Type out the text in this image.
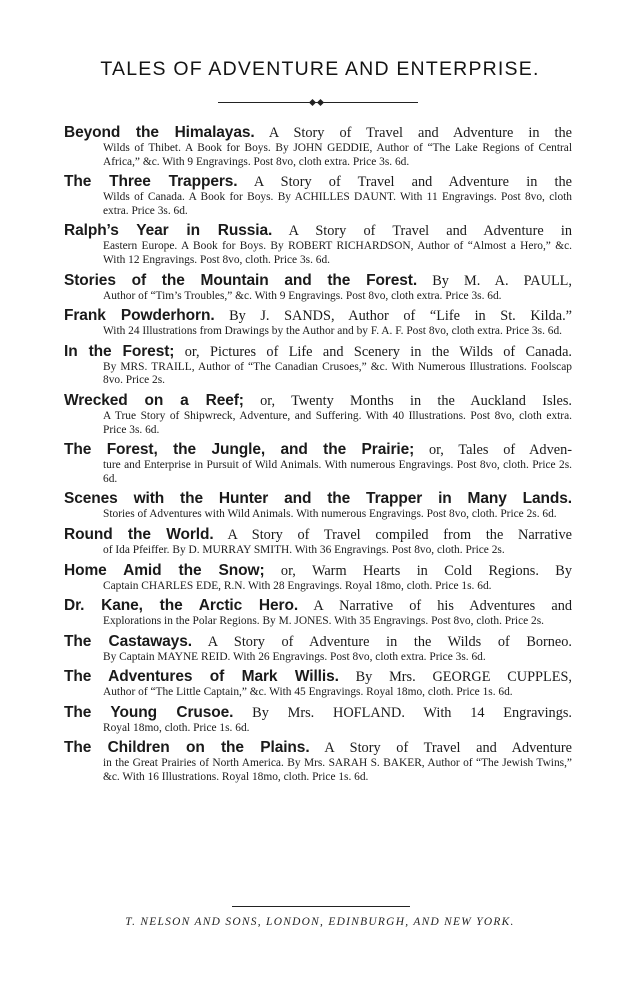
TALES OF ADVENTURE AND ENTERPRISE.
Beyond the Himalayas. A Story of Travel and Adventure in the
Wilds of Thibet. A Book for Boys. By JOHN GEDDIE, Author of “The Lake Regions of Central Africa,” &c. With 9 Engravings. Post 8vo, cloth extra. Price 3s. 6d.
The Three Trappers. A Story of Travel and Adventure in the
Wilds of Canada. A Book for Boys. By ACHILLES DAUNT. With 11 Engravings. Post 8vo, cloth extra. Price 3s. 6d.
Ralph’s Year in Russia. A Story of Travel and Adventure in
Eastern Europe. A Book for Boys. By ROBERT RICHARDSON, Author of “Almost a Hero,” &c. With 12 Engravings. Post 8vo, cloth. Price 3s. 6d.
Stories of the Mountain and the Forest. By M. A. PAULL,
Author of “Tim’s Troubles,” &c. With 9 Engravings. Post 8vo, cloth extra. Price 3s. 6d.
Frank Powderhorn. By J. SANDS, Author of “Life in St. Kilda.”
With 24 Illustrations from Drawings by the Author and by F. A. F. Post 8vo, cloth extra. Price 3s. 6d.
In the Forest; or, Pictures of Life and Scenery in the Wilds of Canada.
By MRS. TRAILL, Author of “The Canadian Crusoes,” &c. With Numerous Illustrations. Foolscap 8vo. Price 2s.
Wrecked on a Reef; or, Twenty Months in the Auckland Isles.
A True Story of Shipwreck, Adventure, and Suffering. With 40 Illustrations. Post 8vo, cloth extra. Price 3s. 6d.
The Forest, the Jungle, and the Prairie; or, Tales of Adven-
ture and Enterprise in Pursuit of Wild Animals. With numerous Engravings. Post 8vo, cloth. Price 2s. 6d.
Scenes with the Hunter and the Trapper in Many Lands.
Stories of Adventures with Wild Animals. With numerous Engravings. Post 8vo, cloth. Price 2s. 6d.
Round the World. A Story of Travel compiled from the Narrative
of Ida Pfeiffer. By D. MURRAY SMITH. With 36 Engravings. Post 8vo, cloth. Price 2s.
Home Amid the Snow; or, Warm Hearts in Cold Regions. By
Captain CHARLES EDE, R.N. With 28 Engravings. Royal 18mo, cloth. Price 1s. 6d.
Dr. Kane, the Arctic Hero. A Narrative of his Adventures and
Explorations in the Polar Regions. By M. JONES. With 35 Engravings. Post 8vo, cloth. Price 2s.
The Castaways. A Story of Adventure in the Wilds of Borneo.
By Captain MAYNE REID. With 26 Engravings. Post 8vo, cloth extra. Price 3s. 6d.
The Adventures of Mark Willis. By Mrs. GEORGE CUPPLES,
Author of “The Little Captain,” &c. With 45 Engravings. Royal 18mo, cloth. Price 1s. 6d.
The Young Crusoe. By Mrs. HOFLAND. With 14 Engravings.
Royal 18mo, cloth. Price 1s. 6d.
The Children on the Plains. A Story of Travel and Adventure
in the Great Prairies of North America. By Mrs. SARAH S. BAKER, Author of “The Jewish Twins,” &c. With 16 Illustrations. Royal 18mo, cloth. Price 1s. 6d.
T. NELSON AND SONS, LONDON, EDINBURGH, AND NEW YORK.
